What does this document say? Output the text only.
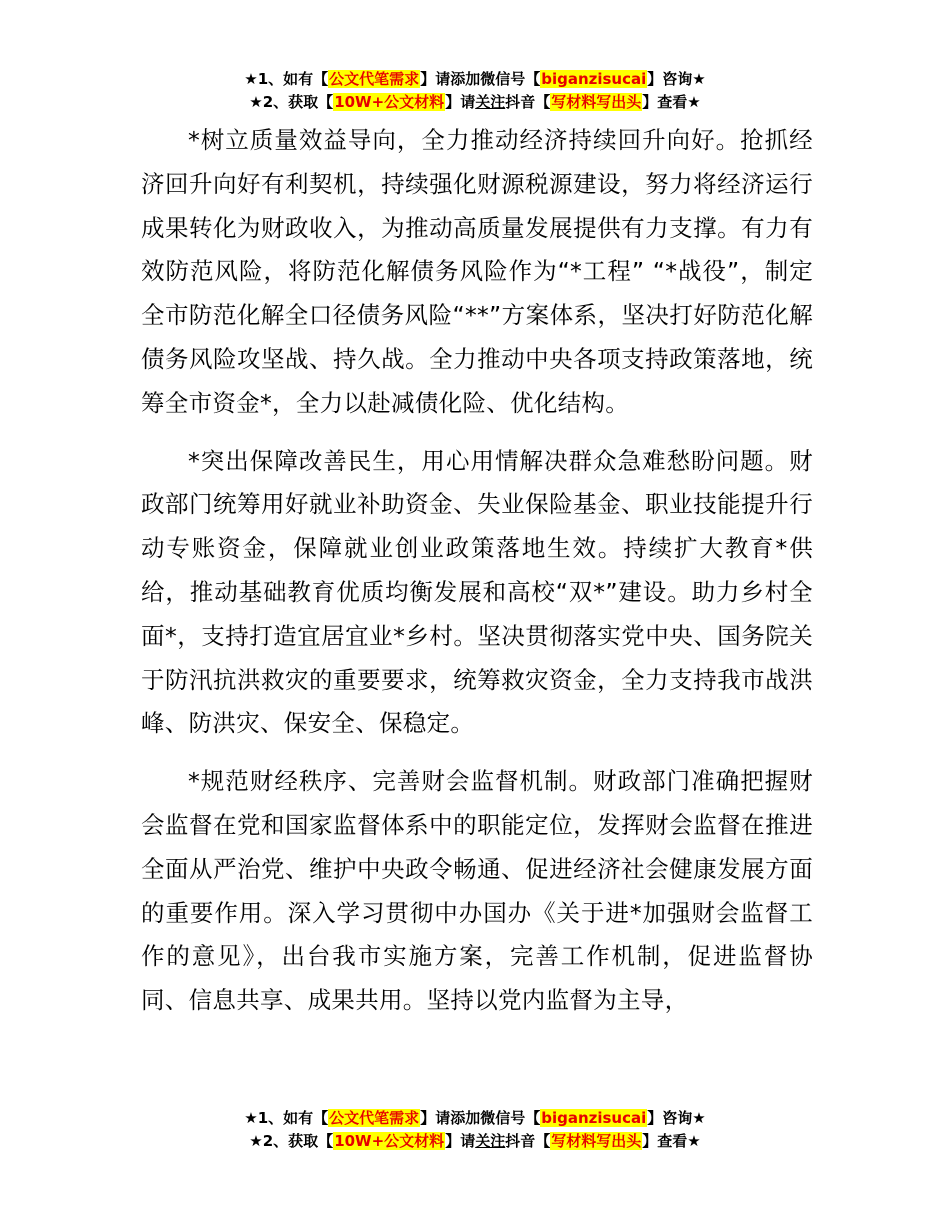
★1、如有【公文代笔需求】请添加微信号【biganzisucai】咨询★
★2、获取【10W+公文材料】请关注抖音【写材料写出头】查看★

*树立质量效益导向，全力推动经济持续回升向好。抢抓经济回升向好有利契机，持续强化财源税源建设，努力将经济运行成果转化为财政收入，为推动高质量发展提供有力支撑。有力有效防范风险，将防范化解债务风险作为“*工程” “*战役”，制定全市防范化解全口径债务风险“**”方案体系，坚决打好防范化解债务风险攻坚战、持久战。全力推动中央各项支持政策落地，统筹全市资金*，全力以赴减债化险、优化结构。

*突出保障改善民生，用心用情解决群众急难愁盼问题。财政部门统筹用好就业补助资金、失业保险基金、职业技能提升行动专账资金，保障就业创业政策落地生效。持续扩大教育*供给，推动基础教育优质均衡发展和高校“双*”建设。助力乡村全面*，支持打造宜居宜业*乡村。坚决贯彻落实党中央、国务院关于防汛抗洪救灾的重要要求，统筹救灾资金，全力支持我市战洪峰、防洪灾、保安全、保稳定。

*规范财经秩序、完善财会监督机制。财政部门准确把握财会监督在党和国家监督体系中的职能定位，发挥财会监督在推进全面从严治党、维护中央政令畅通、促进经济社会健康发展方面的重要作用。深入学习贯彻中办国办《关于进*加强财会监督工作的意见》，出台我市实施方案，完善工作机制，促进监督协同、信息共享、成果共用。坚持以党内监督为主导，

★1、如有【公文代笔需求】请添加微信号【biganzisucai】咨询★
★2、获取【10W+公文材料】请关注抖音【写材料写出头】查看★
